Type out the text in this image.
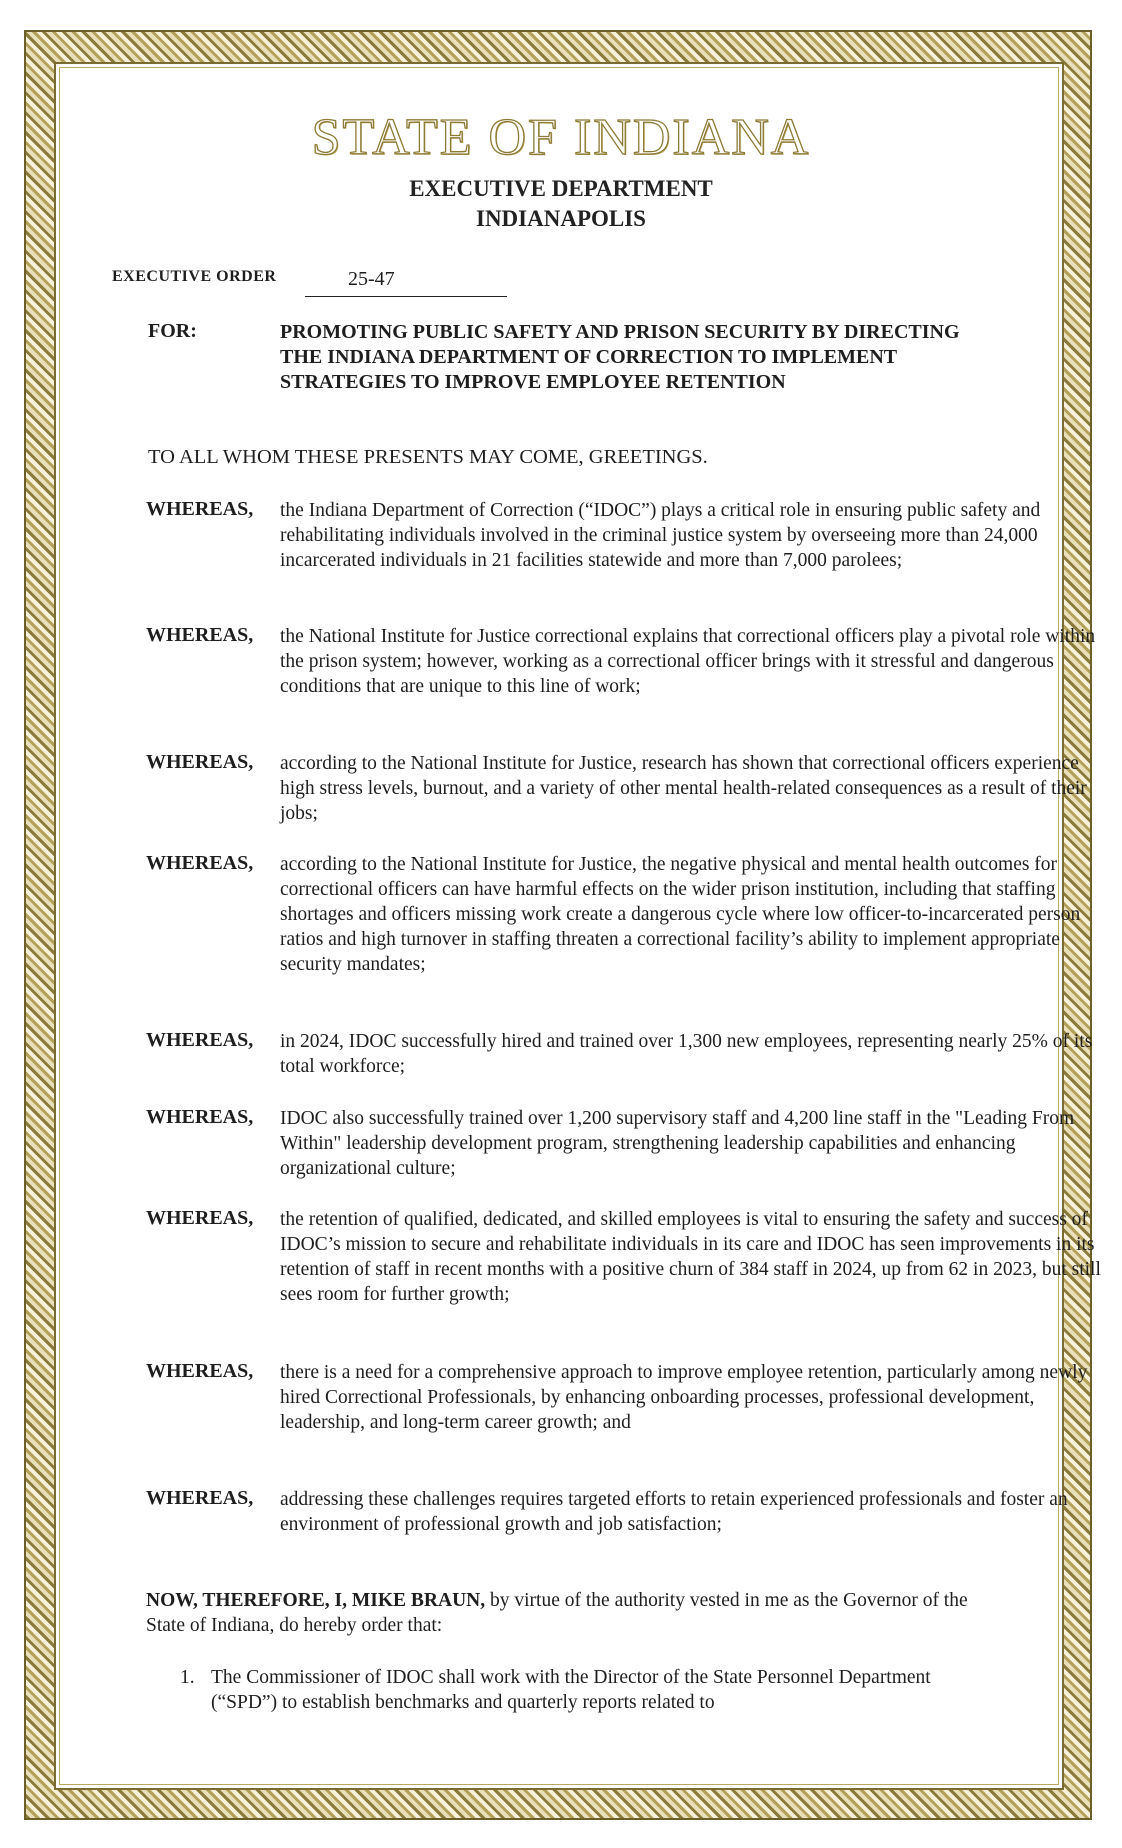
STATE OF INDIANA
EXECUTIVE DEPARTMENT
INDIANAPOLIS
EXECUTIVE ORDER	25-47
FOR:	PROMOTING PUBLIC SAFETY AND PRISON SECURITY BY DIRECTING THE INDIANA DEPARTMENT OF CORRECTION TO IMPLEMENT STRATEGIES TO IMPROVE EMPLOYEE RETENTION
TO ALL WHOM THESE PRESENTS MAY COME, GREETINGS.
WHEREAS, the Indiana Department of Correction (“IDOC”) plays a critical role in ensuring public safety and rehabilitating individuals involved in the criminal justice system by overseeing more than 24,000 incarcerated individuals in 21 facilities statewide and more than 7,000 parolees;
WHEREAS, the National Institute for Justice correctional explains that correctional officers play a pivotal role within the prison system; however, working as a correctional officer brings with it stressful and dangerous conditions that are unique to this line of work;
WHEREAS, according to the National Institute for Justice, research has shown that correctional officers experience high stress levels, burnout, and a variety of other mental health-related consequences as a result of their jobs;
WHEREAS, according to the National Institute for Justice, the negative physical and mental health outcomes for correctional officers can have harmful effects on the wider prison institution, including that staffing shortages and officers missing work create a dangerous cycle where low officer-to-incarcerated person ratios and high turnover in staffing threaten a correctional facility’s ability to implement appropriate security mandates;
WHEREAS, in 2024, IDOC successfully hired and trained over 1,300 new employees, representing nearly 25% of its total workforce;
WHEREAS, IDOC also successfully trained over 1,200 supervisory staff and 4,200 line staff in the "Leading From Within" leadership development program, strengthening leadership capabilities and enhancing organizational culture;
WHEREAS, the retention of qualified, dedicated, and skilled employees is vital to ensuring the safety and success of IDOC’s mission to secure and rehabilitate individuals in its care and IDOC has seen improvements in its retention of staff in recent months with a positive churn of 384 staff in 2024, up from 62 in 2023, but still sees room for further growth;
WHEREAS, there is a need for a comprehensive approach to improve employee retention, particularly among newly hired Correctional Professionals, by enhancing onboarding processes, professional development, leadership, and long-term career growth; and
WHEREAS, addressing these challenges requires targeted efforts to retain experienced professionals and foster an environment of professional growth and job satisfaction;
NOW, THEREFORE, I, MIKE BRAUN, by virtue of the authority vested in me as the Governor of the State of Indiana, do hereby order that:
1. The Commissioner of IDOC shall work with the Director of the State Personnel Department (“SPD”) to establish benchmarks and quarterly reports related to
